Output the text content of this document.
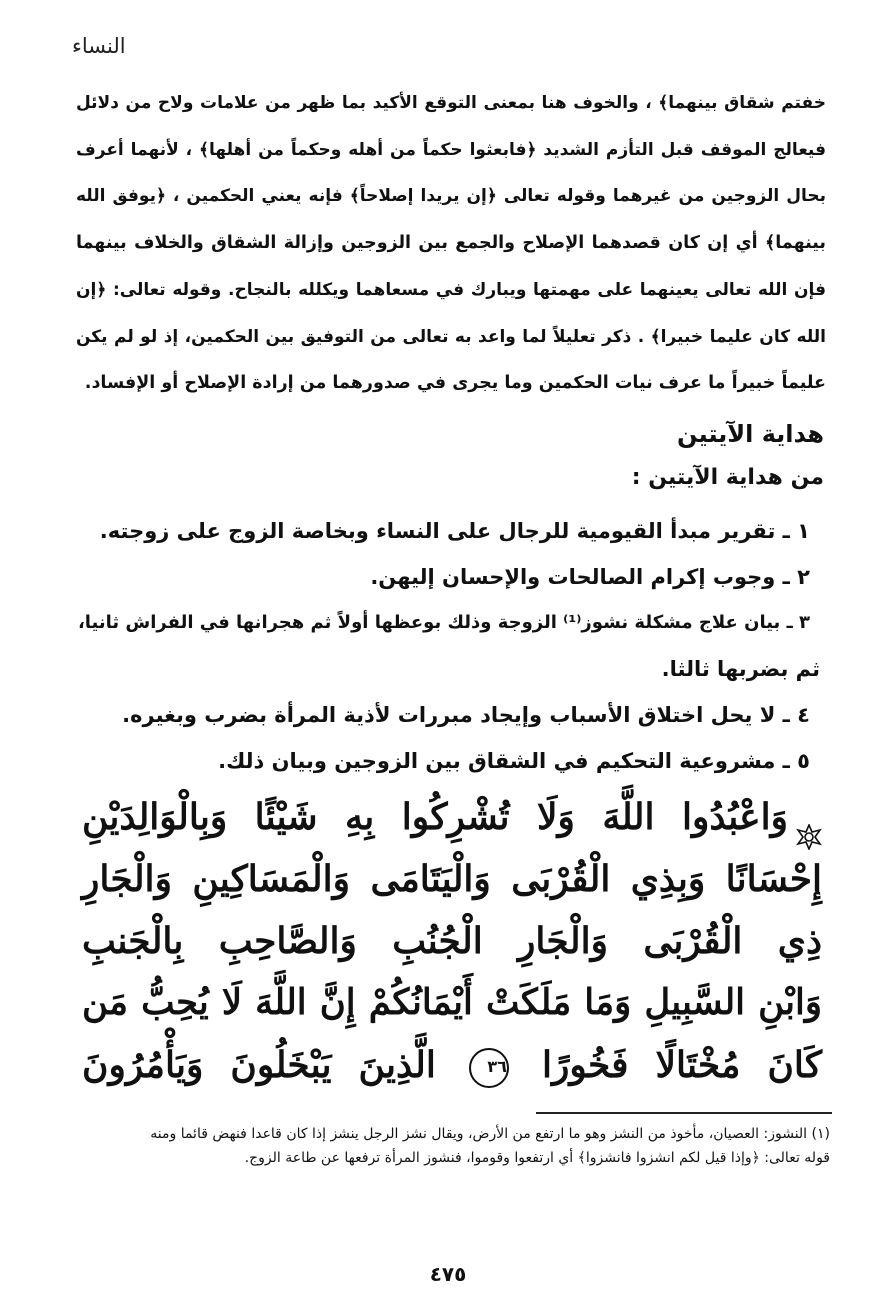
النساء
خفتم شقاق بينهما﴾ ، والخوف هنا بمعنى التوقع الأكيد بما ظهر من علامات ولاح من دلائل
فيعالج الموقف قبل التأزم الشديد ﴿فابعثوا حكماً من أهله وحكماً من أهلها﴾ ، لأنهما أعرف
بحال الزوجين من غيرهما وقوله تعالى ﴿إن يريدا إصلاحاً﴾ فإنه يعني الحكمين ، ﴿يوفق الله
بينهما﴾ أي إن كان قصدهما الإصلاح والجمع بين الزوجين وإزالة الشقاق والخلاف بينهما
فإن الله تعالى يعينهما على مهمتها ويبارك في مسعاهما ويكلله بالنجاح. وقوله تعالى: ﴿إن
الله كان عليما خبيرا﴾ . ذكر تعليلاً لما واعد به تعالى من التوفيق بين الحكمين، إذ لو لم يكن
عليماً خبيراً ما عرف نيات الحكمين وما يجرى في صدورهما من إرادة الإصلاح أو الإفساد.
هداية الآيتين
من هداية الآيتين :
١ ـ تقرير مبدأ القيومية للرجال على النساء وبخاصة الزوج على زوجته.
٢ ـ وجوب إكرام الصالحات والإحسان إليهن.
٣ ـ بيان علاج مشكلة نشوز⁽¹⁾ الزوجة وذلك بوعظها أولاً ثم هجرانها في الفراش ثانيا،
ثم بضربها ثالثا.
٤ ـ لا يحل اختلاق الأسباب وإيجاد مبررات لأذية المرأة بضرب وبغيره.
٥ ـ مشروعية التحكيم في الشقاق بين الزوجين وبيان ذلك.
وَاعْبُدُوا اللَّهَ وَلَا تُشْرِكُوا بِهِ شَيْئًا وَبِالْوَالِدَيْنِ
إِحْسَانًا وَبِذِي الْقُرْبَى وَالْيَتَامَى وَالْمَسَاكِينِ وَالْجَارِ
ذِي الْقُرْبَى وَالْجَارِ الْجُنُبِ وَالصَّاحِبِ بِالْجَنبِ
وَابْنِ السَّبِيلِ وَمَا مَلَكَتْ أَيْمَانُكُمْ إِنَّ اللَّهَ لَا يُحِبُّ مَن
كَانَ مُخْتَالًا فَخُورًا ٣٦ الَّذِينَ يَبْخَلُونَ وَيَأْمُرُونَ
(١) النشوز: العصيان، مأخوذ من النشز وهو ما ارتفع من الأرض، ويقال نشز الرجل ينشز إذا كان قاعدا فنهض قائما ومنه
قوله تعالى: ﴿وإذا قيل لكم انشزوا فانشزوا﴾ أي ارتفعوا وقوموا، فنشوز المرأة ترفعها عن طاعة الزوج.
٤٧٥
